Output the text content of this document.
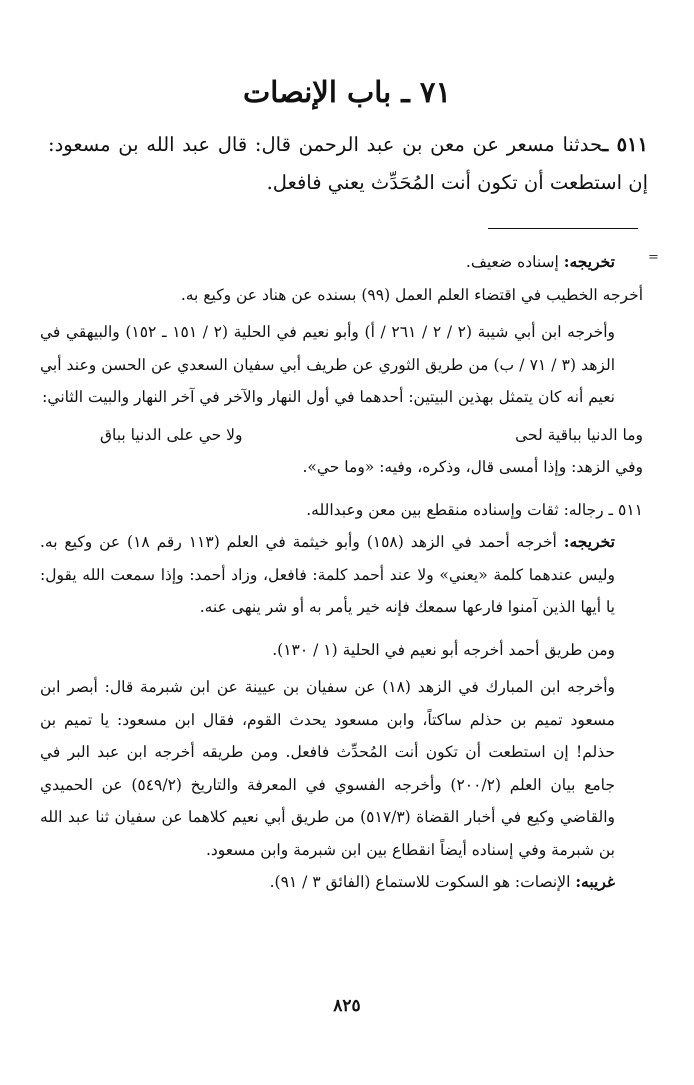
٧١ ـ باب الإنصات
٥١١ ـحدثنا مسعر عن معن بن عبد الرحمن قال: قال عبد الله بن مسعود: إن استطعت أن تكون أنت المُحَدِّث يعني فافعل.
=

تخريجه: إسناده ضعيف.

أخرجه الخطيب في اقتضاء العلم العمل (٩٩) بسنده عن هناد عن وكيع به.

وأخرجه ابن أبي شيبة (٢ / ٢ / ٢٦١ / أ) وأبو نعيم في الحلية (٢ / ١٥١ ـ ١٥٢) والبيهقي في الزهد (٣ / ٧١ / ب) من طريق الثوري عن طريف أبي سفيان السعدي عن الحسن وعند أبي نعيم أنه كان يتمثل بهذين البيتين: أحدهما في أول النهار والآخر في آخر النهار والبيت الثاني:

وما الدنيا بباقية لحى
ولا حي على الدنيا بباق

وفي الزهد: وإذا أمسى قال، وذكره، وفيه: «وما حي».

٥١١ ـ رجاله: ثقات وإسناده منقطع بين معن وعبدالله.

تخريجه: أخرجه أحمد في الزهد (١٥٨) وأبو خيثمة في العلم (١١٣ رقم ١٨) عن وكيع به. وليس عندهما كلمة «يعني» ولا عند أحمد كلمة: فافعل، وزاد أحمد: وإذا سمعت الله يقول: يا أيها الذين آمنوا فارعها سمعك فإنه خير يأمر به أو شر ينهى عنه.

ومن طريق أحمد أخرجه أبو نعيم في الحلية (١ / ١٣٠).

وأخرجه ابن المبارك في الزهد (١٨) عن سفيان بن عيينة عن ابن شبرمة قال: أبصر ابن مسعود تميم بن حذلم ساكتاً، وابن مسعود يحدث القوم، فقال ابن مسعود: يا تميم بن حذلم! إن استطعت أن تكون أنت المُحدِّث فافعل. ومن طريقه أخرجه ابن عبد البر في جامع بيان العلم (٢٠٠/٢) وأخرجه الفسوي في المعرفة والتاريخ (٥٤٩/٢) عن الحميدي والقاضي وكيع في أخبار القضاة (٥١٧/٣) من طريق أبي نعيم كلاهما عن سفيان ثنا عبد الله بن شبرمة وفي إسناده أيضاً انقطاع بين ابن شبرمة وابن مسعود.

غريبه: الإنصات: هو السكوت للاستماع (الفائق ٣ / ٩١).

٨٢٥
